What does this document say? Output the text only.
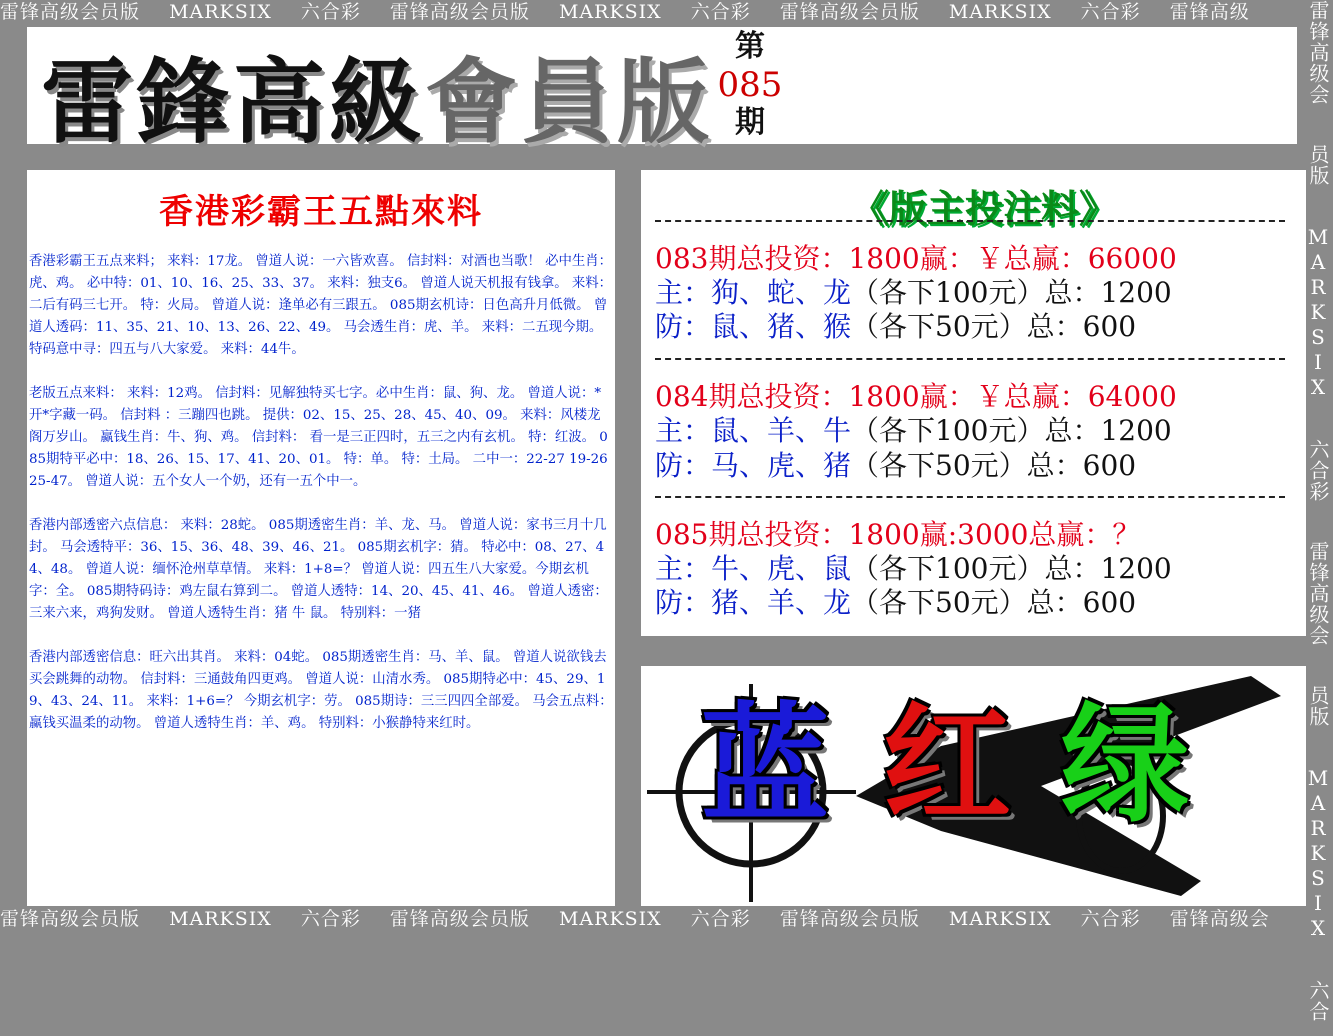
雷锋高级会员版 MARKSIX 六合彩 雷锋高级会员版 MARKSIX 六合彩 雷锋高级会员版 MARKSIX 六合彩 雷锋高级	雷锋高级会 员版 MARKSIX 六合彩 雷锋高级会 员版 MARKSIX 六合
雷鋒高級會員版
第
085
期
香港彩霸王五點來料

香港彩霸王五点来料； 来料：17龙。 曾道人说：一六皆欢喜。 信封料：对酒也当歌！ 必中生肖：虎、鸡。 必中特：01、10、16、25、33、37。 来料：独支6。 曾道人说天机报有钱拿。 来料：二后有码三七开。 特：火局。 曾道人说：逢单必有三跟五。 085期玄机诗：日色高升月低微。 曾道人透码：11、35、21、10、13、26、22、49。 马会透生肖：虎、羊。 来料：二五现今期。 特码意中寻：四五与八大家爱。 来料：44牛。

老版五点来料： 来料：12鸡。 信封料：见解独特买七字。必中生肖：鼠、狗、龙。 曾道人说：*开*字藏一码。 信封料 ：三蹦四也跳。 提供：02、15、25、28、45、40、09。 来料：风楼龙阁万岁山。 赢钱生肖：牛、狗、鸡。 信封料： 看一是三正四时，五三之内有玄机。 特：红波。 085期特平必中：18、26、15、17、41、20、01。 特：单。 特：土局。 二中一：22-27 19-26 25-47。 曾道人说：五个女人一个奶，还有一五个中一。

香港内部透密六点信息： 来料：28蛇。 085期透密生肖：羊、龙、马。 曾道人说：家书三月十几封。 马会透特平：36、15、36、48、39、46、21。 085期玄机字：猜。 特必中：08、27、44、48。 曾道人说：缅怀沧州草草情。 来料：1+8=？ 曾道人说：四五生八大家爱。今期玄机字：全。 085期特码诗：鸡左鼠右算到二。 曾道人透特：14、20、45、41、46。 曾道人透密：三来六来，鸡狗发财。 曾道人透特生肖：猪 牛 鼠。 特别料：一猪

香港内部透密信息：旺六出其肖。 来料：04蛇。 085期透密生肖：马、羊、鼠。 曾道人说欲钱去买会跳舞的动物。 信封料：三通鼓角四更鸡。 曾道人说：山清水秀。 085期特必中：45、29、19、43、24、11。 来料：1+6=？ 今期玄机字：劳。 085期诗：三三四四全部爱。 马会五点料：赢钱买温柔的动物。 曾道人透特生肖：羊、鸡。 特别料：小猴静特来红时。

《版主投注料》
083期总投资：1800赢：￥总赢：66000
主：狗、蛇、龙（各下100元）总：1200
防：鼠、猪、猴（各下50元）总：600
084期总投资：1800赢：￥总赢：64000
主：鼠、羊、牛（各下100元）总：1200
防：马、虎、猪（各下50元）总：600
085期总投资：1800赢:3000总赢：？
主：牛、虎、鼠（各下100元）总：1200
防：猪、羊、龙（各下50元）总：600
蓝 红 绿
雷锋高级会员版 MARKSIX 六合彩 雷锋高级会员版 MARKSIX 六合彩 雷锋高级会员版 MARKSIX 六合彩 雷锋高级会
